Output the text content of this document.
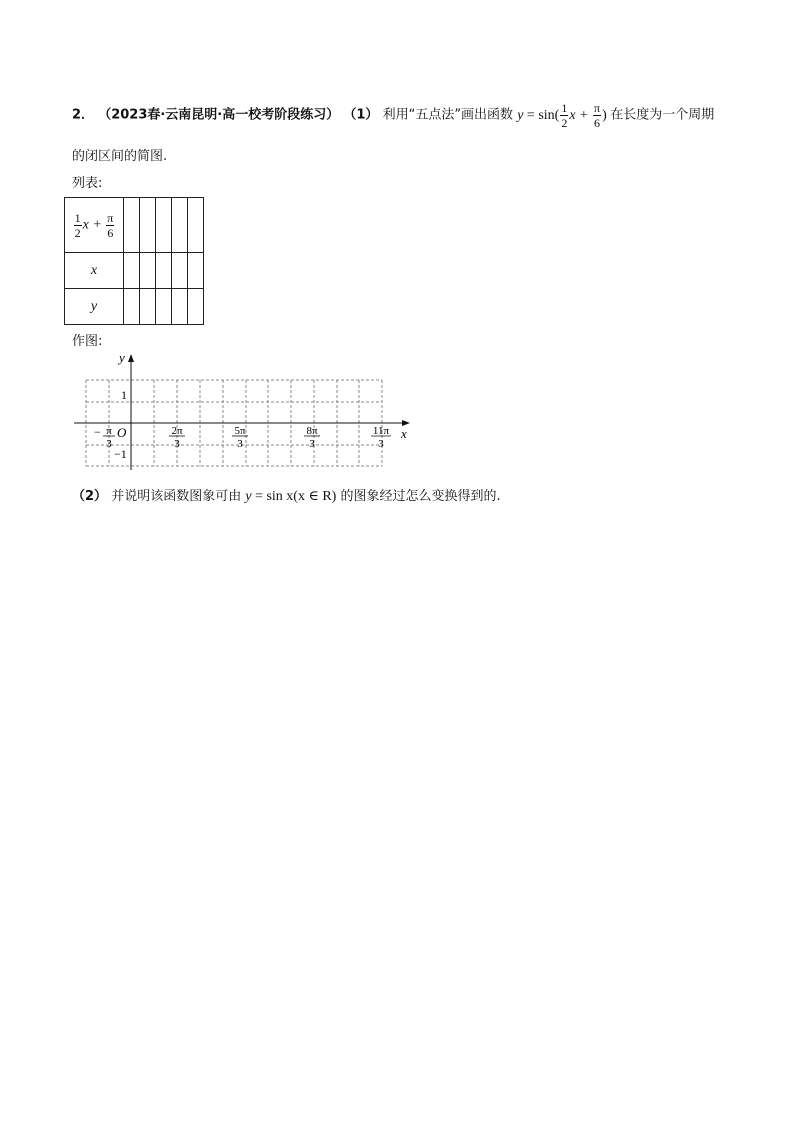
2． （2023春·云南昆明·高一校考阶段练习） （1） 利用“五点法”画出函数 $y = \sin( \frac{1}{2}$ $x + \frac{\pi}{6}$ ) 在长度为一个周期
的闭区间的简图.
列表:
$\frac{1}{2}$ $x + \frac{\pi}{6}$

x					
y					
作图:
y
x
O
1
−1
− π
3
2π
3
5π
3
8π
3
11π
3
（2） 并说明该函数图象可由 y = sin x(x ∈ R) 的图象经过怎么变换得到的.
